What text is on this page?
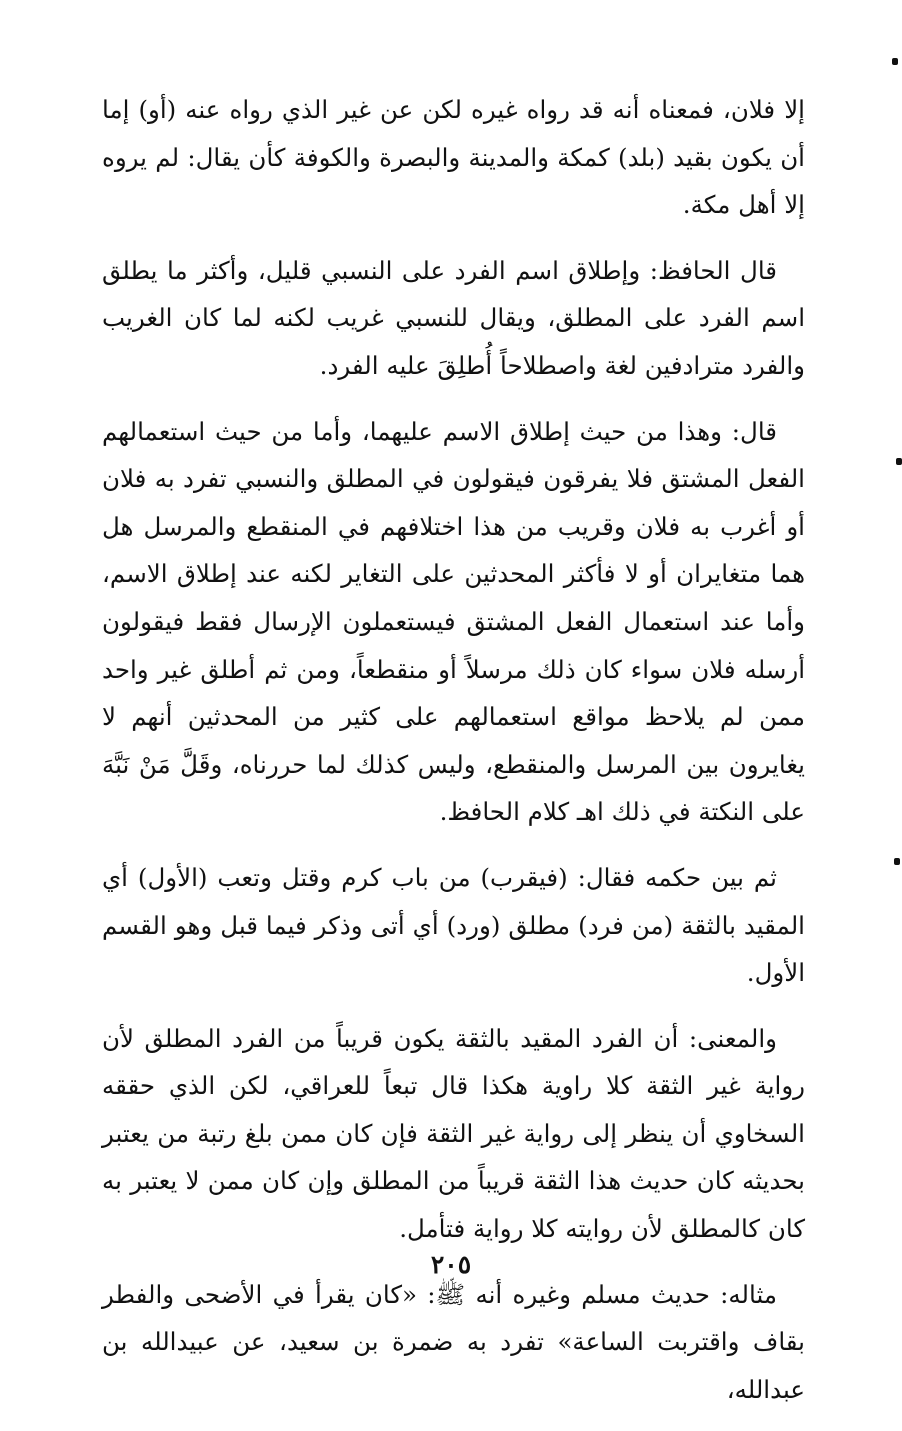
إلا فلان، فمعناه أنه قد رواه غيره لكن عن غير الذي رواه عنه (أو) إما أن يكون بقيد (بلد) كمكة والمدينة والبصرة والكوفة كأن يقال: لم يروه إلا أهل مكة.

قال الحافظ: وإطلاق اسم الفرد على النسبي قليل، وأكثر ما يطلق اسم الفرد على المطلق، ويقال للنسبي غريب لكنه لما كان الغريب والفرد مترادفين لغة واصطلاحاً أُطلِقَ عليه الفرد.

قال: وهذا من حيث إطلاق الاسم عليهما، وأما من حيث استعمالهم الفعل المشتق فلا يفرقون فيقولون في المطلق والنسبي تفرد به فلان أو أغرب به فلان وقريب من هذا اختلافهم في المنقطع والمرسل هل هما متغايران أو لا فأكثر المحدثين على التغاير لكنه عند إطلاق الاسم، وأما عند استعمال الفعل المشتق فيستعملون الإرسال فقط فيقولون أرسله فلان سواء كان ذلك مرسلاً أو منقطعاً، ومن ثم أطلق غير واحد ممن لم يلاحظ مواقع استعمالهم على كثير من المحدثين أنهم لا يغايرون بين المرسل والمنقطع، وليس كذلك لما حررناه، وقَلَّ مَنْ نَبَّهَ على النكتة في ذلك اهـ كلام الحافظ.

ثم بين حكمه فقال: (فيقرب) من باب كرم وقتل وتعب (الأول) أي المقيد بالثقة (من فرد) مطلق (ورد) أي أتى وذكر فيما قبل وهو القسم الأول.

والمعنى: أن الفرد المقيد بالثقة يكون قريباً من الفرد المطلق لأن رواية غير الثقة كلا راوية هكذا قال تبعاً للعراقي، لكن الذي حققه السخاوي أن ينظر إلى رواية غير الثقة فإن كان ممن بلغ رتبة من يعتبر بحديثه كان حديث هذا الثقة قريباً من المطلق وإن كان ممن لا يعتبر به كان كالمطلق لأن روايته كلا رواية فتأمل.

مثاله: حديث مسلم وغيره أنه ﷺ: «كان يقرأ في الأضحى والفطر بقاف واقتربت الساعة» تفرد به ضمرة بن سعيد، عن عبيدالله بن عبدالله،

٢٠٥
